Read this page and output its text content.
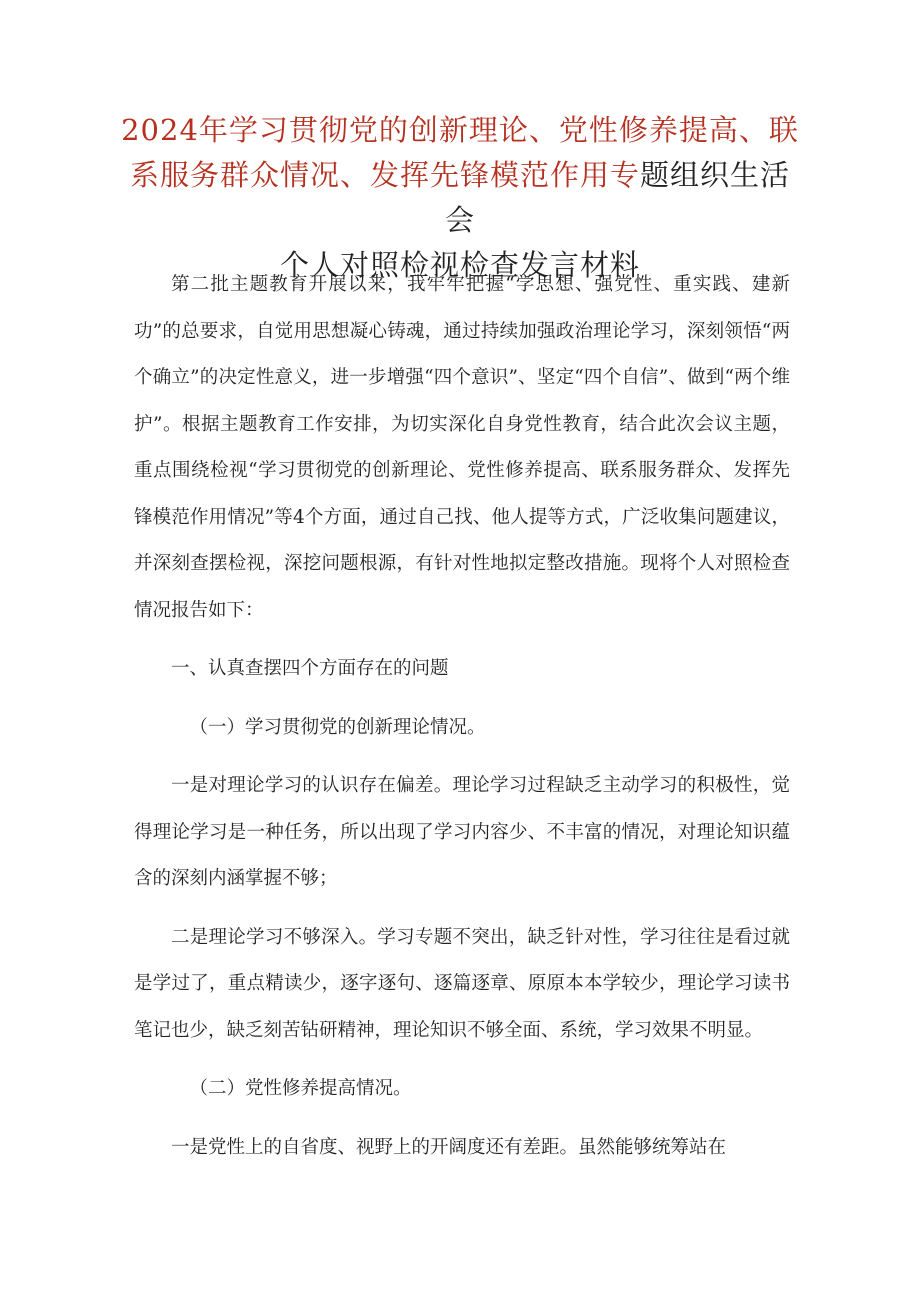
2024年学习贯彻党的创新理论、党性修养提高、联系服务群众情况、发挥先锋模范作用专题组织生活会
个人对照检视检查发言材料

第二批主题教育开展以来，我牢牢把握“学思想、强党性、重实践、建新功”的总要求，自觉用思想凝心铸魂，通过持续加强政治理论学习，深刻领悟“两个确立”的决定性意义，进一步增强“四个意识”、坚定“四个自信”、做到“两个维护”。根据主题教育工作安排，为切实深化自身党性教育，结合此次会议主题，重点围绕检视“学习贯彻党的创新理论、党性修养提高、联系服务群众、发挥先锋模范作用情况”等4个方面，通过自己找、他人提等方式，广泛收集问题建议，并深刻查摆检视，深挖问题根源，有针对性地拟定整改措施。现将个人对照检查情况报告如下：

一、认真查摆四个方面存在的问题

（一）学习贯彻党的创新理论情况。

一是对理论学习的认识存在偏差。理论学习过程缺乏主动学习的积极性，觉得理论学习是一种任务，所以出现了学习内容少、不丰富的情况，对理论知识蕴含的深刻内涵掌握不够；

二是理论学习不够深入。学习专题不突出，缺乏针对性，学习往往是看过就是学过了，重点精读少，逐字逐句、逐篇逐章、原原本本学较少，理论学习读书笔记也少，缺乏刻苦钻研精神，理论知识不够全面、系统，学习效果不明显。

（二）党性修养提高情况。

一是党性上的自省度、视野上的开阔度还有差距。虽然能够统筹站在
